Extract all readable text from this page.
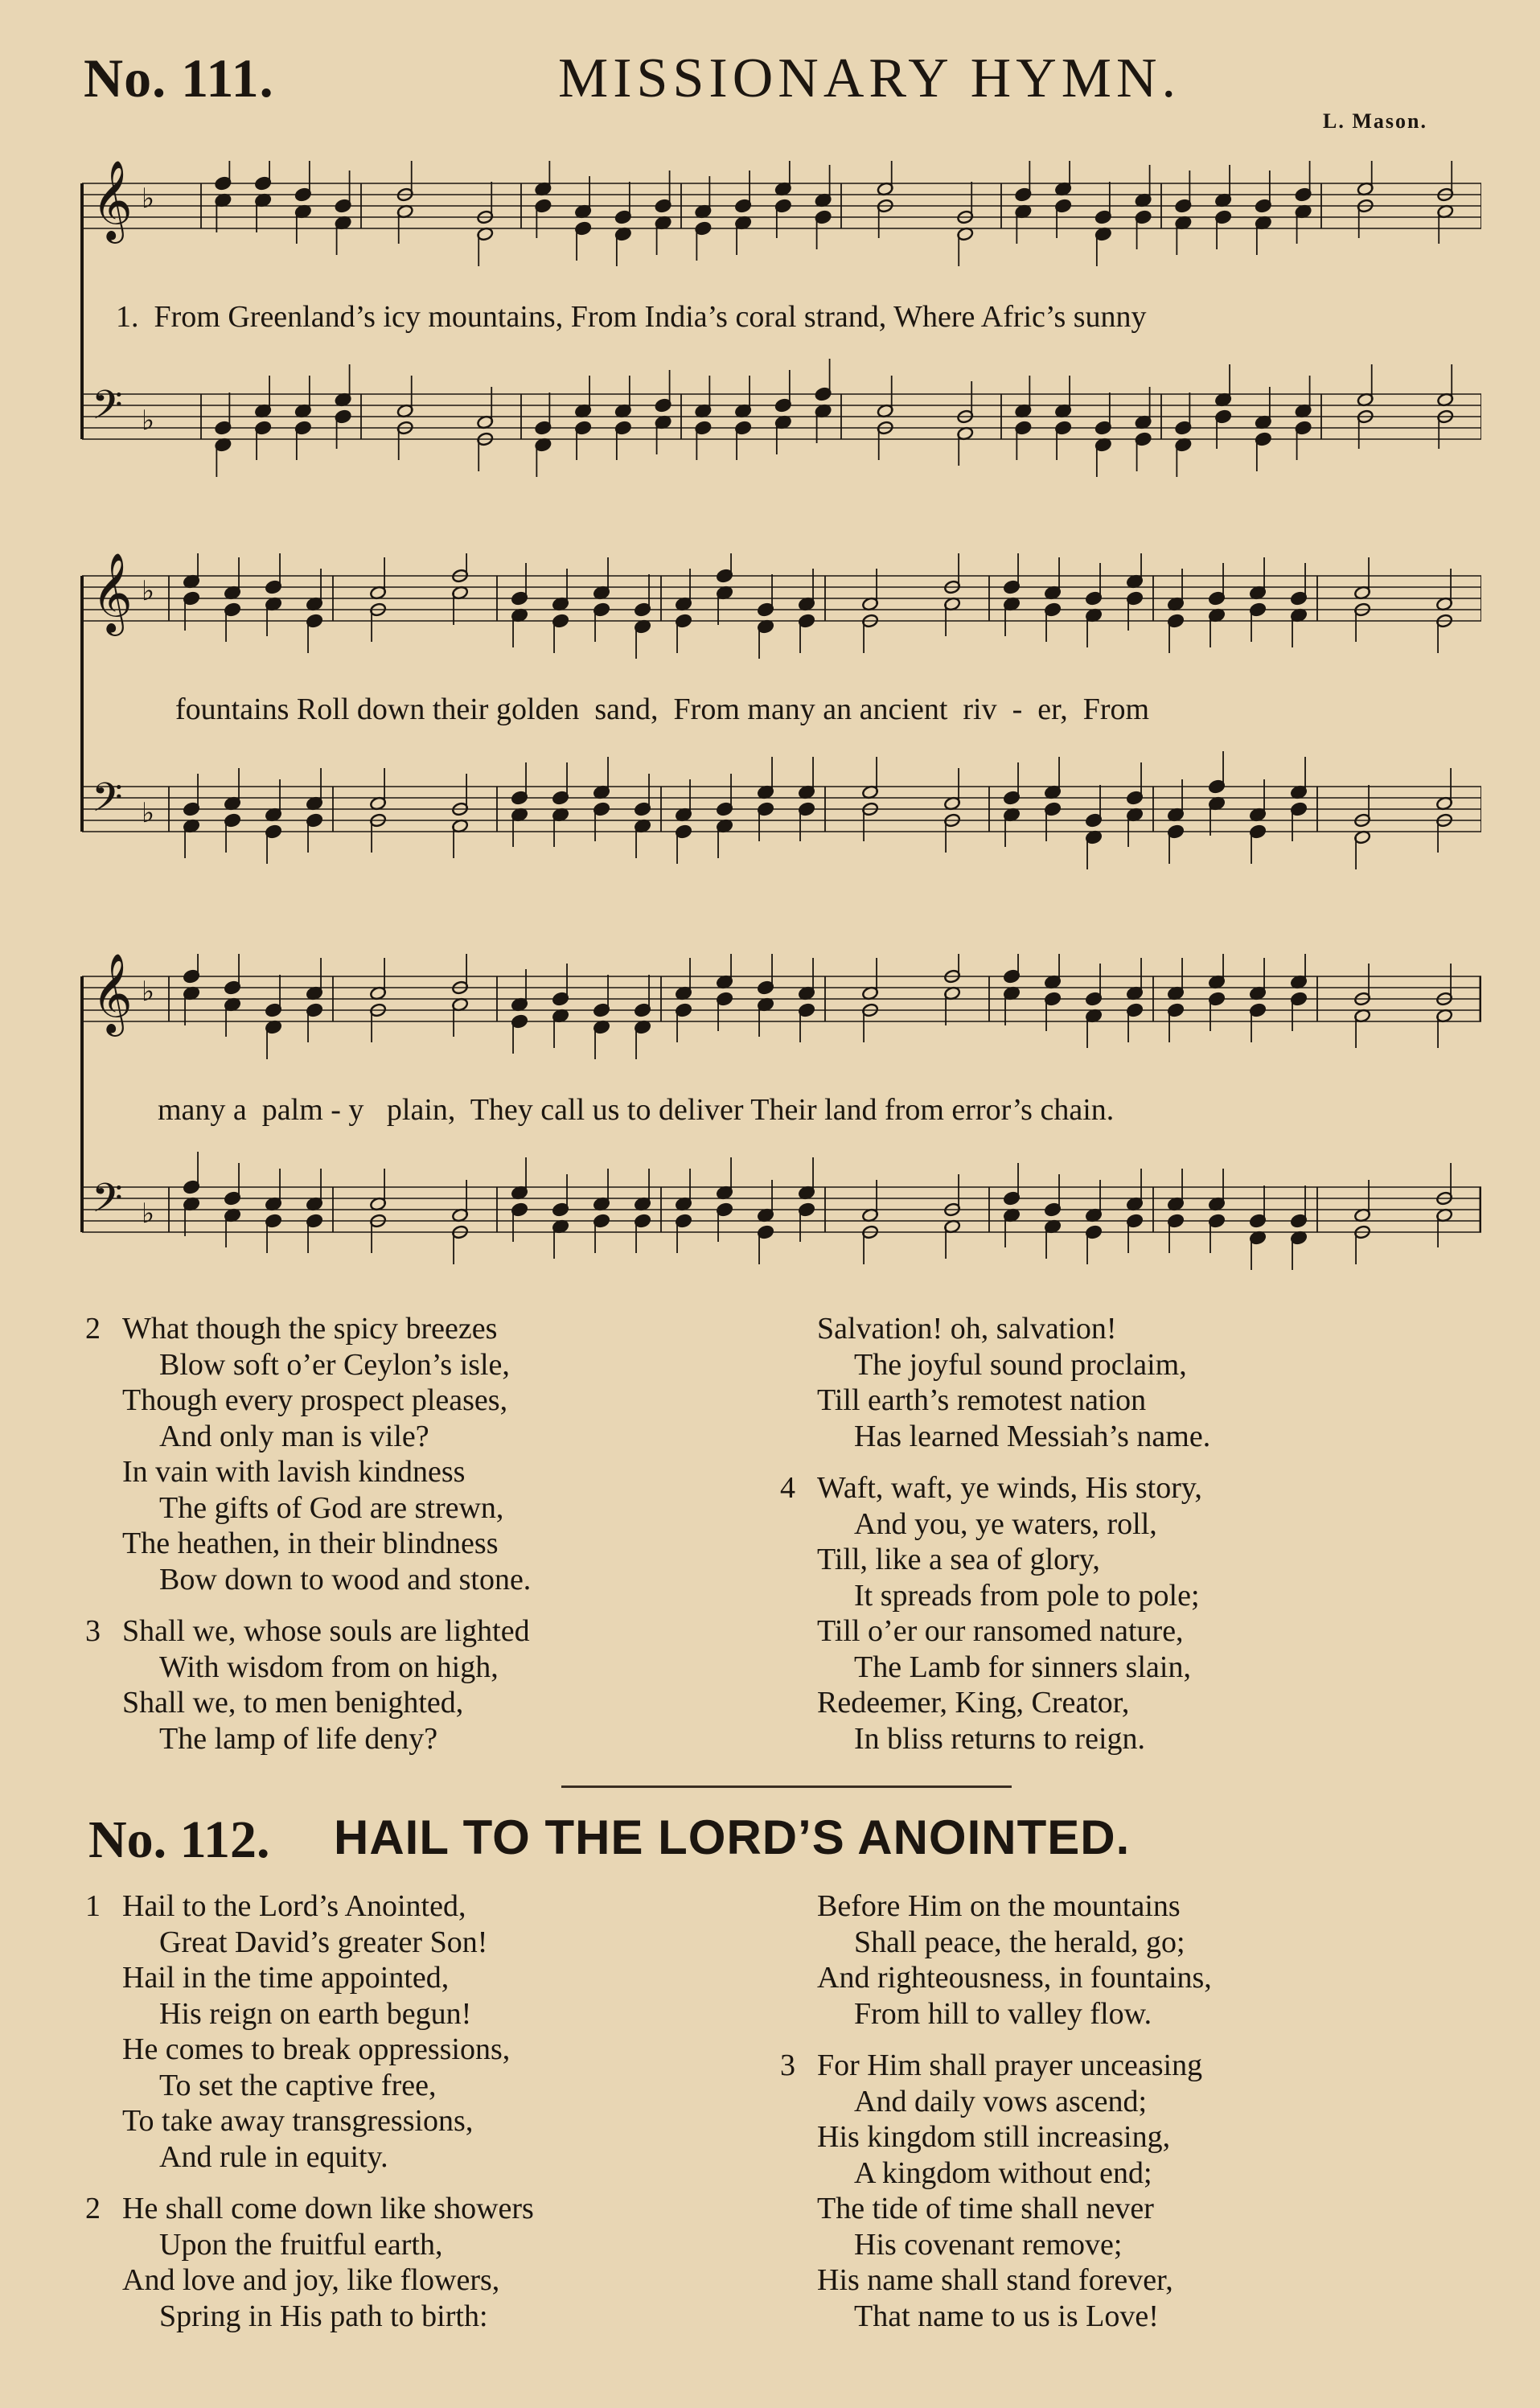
No. 111.	MISSIONARY HYMN.
L. Mason.
𝄞 ♭
𝄢 ♭
1.  From Greenland’s icy mountains, From India’s coral strand, Where Afric’s sunny
𝄞 ♭
𝄢 ♭
fountains Roll down their golden  sand,  From many an ancient  riv  -  er,  From
𝄞 ♭
𝄢 ♭
many a  palm - y   plain,  They call us to deliver Their land from error’s chain.
2 What though the spicy breezes
Blow soft o’er Ceylon’s isle,
Though every prospect pleases,
And only man is vile?
In vain with lavish kindness
The gifts of God are strewn,
The heathen, in their blindness
Bow down to wood and stone.
3 Shall we, whose souls are lighted
With wisdom from on high,
Shall we, to men benighted,
The lamp of life deny?
Salvation! oh, salvation!
The joyful sound proclaim,
Till earth’s remotest nation
Has learned Messiah’s name.
4 Waft, waft, ye winds, His story,
And you, ye waters, roll,
Till, like a sea of glory,
It spreads from pole to pole;
Till o’er our ransomed nature,
The Lamb for sinners slain,
Redeemer, King, Creator,
In bliss returns to reign.
No. 112. HAIL TO THE LORD’S ANOINTED.
1 Hail to the Lord’s Anointed,
Great David’s greater Son!
Hail in the time appointed,
His reign on earth begun!
He comes to break oppressions,
To set the captive free,
To take away transgressions,
And rule in equity.
2 He shall come down like showers
Upon the fruitful earth,
And love and joy, like flowers,
Spring in His path to birth:
Before Him on the mountains
Shall peace, the herald, go;
And righteousness, in fountains,
From hill to valley flow.
3 For Him shall prayer unceasing
And daily vows ascend;
His kingdom still increasing,
A kingdom without end;
The tide of time shall never
His covenant remove;
His name shall stand forever,
That name to us is Love!
